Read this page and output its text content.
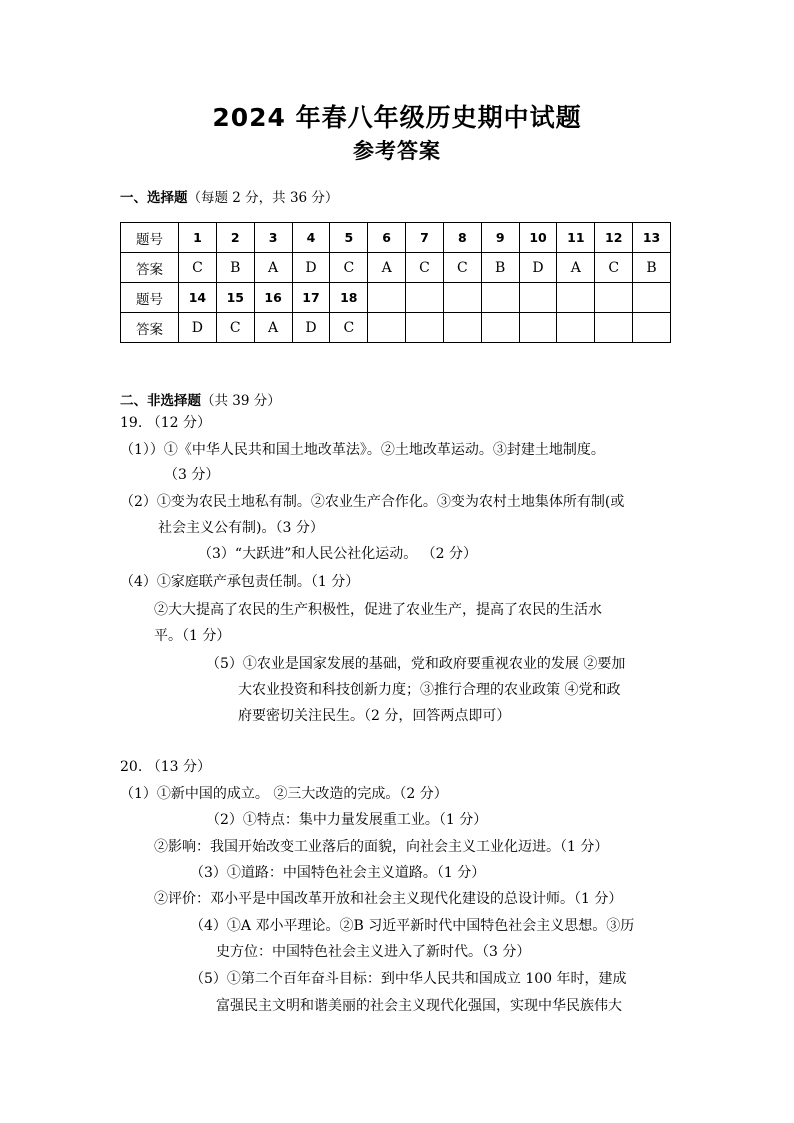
2024 年春八年级历史期中试题
参考答案
一、选择题（每题 2 分，共 36 分）
题号	1	2	3	4	5	6	7	8	9	10	11	12	13
答案	C	B	A	D	C	A	C	C	B	D	A	C	B
题号	14	15	16	17	18								
答案	D	C	A	D	C								
二、非选择题（共 39 分）
19. （12 分）
（1））①《中华人民共和国土地改革法》。②土地改革运动。③封建土地制度。
（3 分）
（2）①变为农民土地私有制。②农业生产合作化。③变为农村土地集体所有制(或
社会主义公有制)。（3 分）
（3）“大跃进”和人民公社化运动。 （2 分）
（4）①家庭联产承包责任制。（1 分）
②大大提高了农民的生产积极性，促进了农业生产，提高了农民的生活水
平。（1 分）
（5）①农业是国家发展的基础，党和政府要重视农业的发展 ②要加
大农业投资和科技创新力度；③推行合理的农业政策 ④党和政
府要密切关注民生。（2 分，回答两点即可）
20. （13 分）
（1）①新中国的成立。 ②三大改造的完成。（2 分）
（2）①特点：集中力量发展重工业。（1 分）
②影响：我国开始改变工业落后的面貌，向社会主义工业化迈进。（1 分）
（3）①道路：中国特色社会主义道路。（1 分）
②评价：邓小平是中国改革开放和社会主义现代化建设的总设计师。（1 分）
（4）①A 邓小平理论。②B 习近平新时代中国特色社会主义思想。③历
史方位：中国特色社会主义进入了新时代。（3 分）
（5）①第二个百年奋斗目标：到中华人民共和国成立 100 年时，建成
富强民主文明和谐美丽的社会主义现代化强国，实现中华民族伟大
